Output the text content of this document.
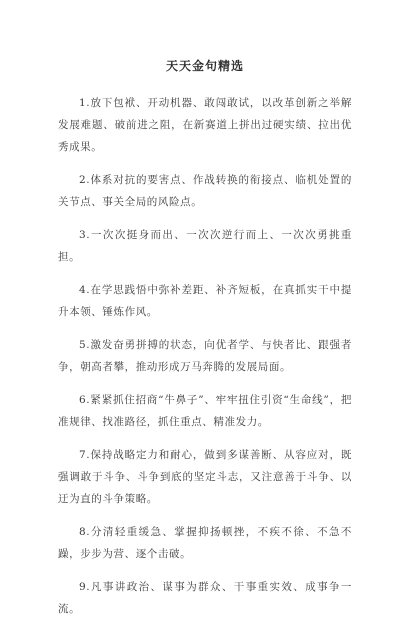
天天金句精选

1.放下包袱、开动机器、敢闯敢试，以改革创新之举解发展难题、破前进之阻，在新赛道上拼出过硬实绩、拉出优秀成果。

2.体系对抗的要害点、作战转换的衔接点、临机处置的关节点、事关全局的风险点。

3.一次次挺身而出、一次次逆行而上、一次次勇挑重担。

4.在学思践悟中弥补差距、补齐短板，在真抓实干中提升本领、锤炼作风。

5.激发奋勇拼搏的状态，向优者学、与快者比、跟强者争，朝高者攀，推动形成万马奔腾的发展局面。

6.紧紧抓住招商“牛鼻子”、牢牢扭住引资“生命线”，把准规律、找准路径，抓住重点、精准发力。

7.保持战略定力和耐心，做到多谋善断、从容应对，既强调敢于斗争、斗争到底的坚定斗志，又注意善于斗争、以迂为直的斗争策略。

8.分清轻重缓急、掌握抑扬顿挫，不疾不徐、不急不躁，步步为营、逐个击破。

9.凡事讲政治、谋事为群众、干事重实效、成事争一流。
